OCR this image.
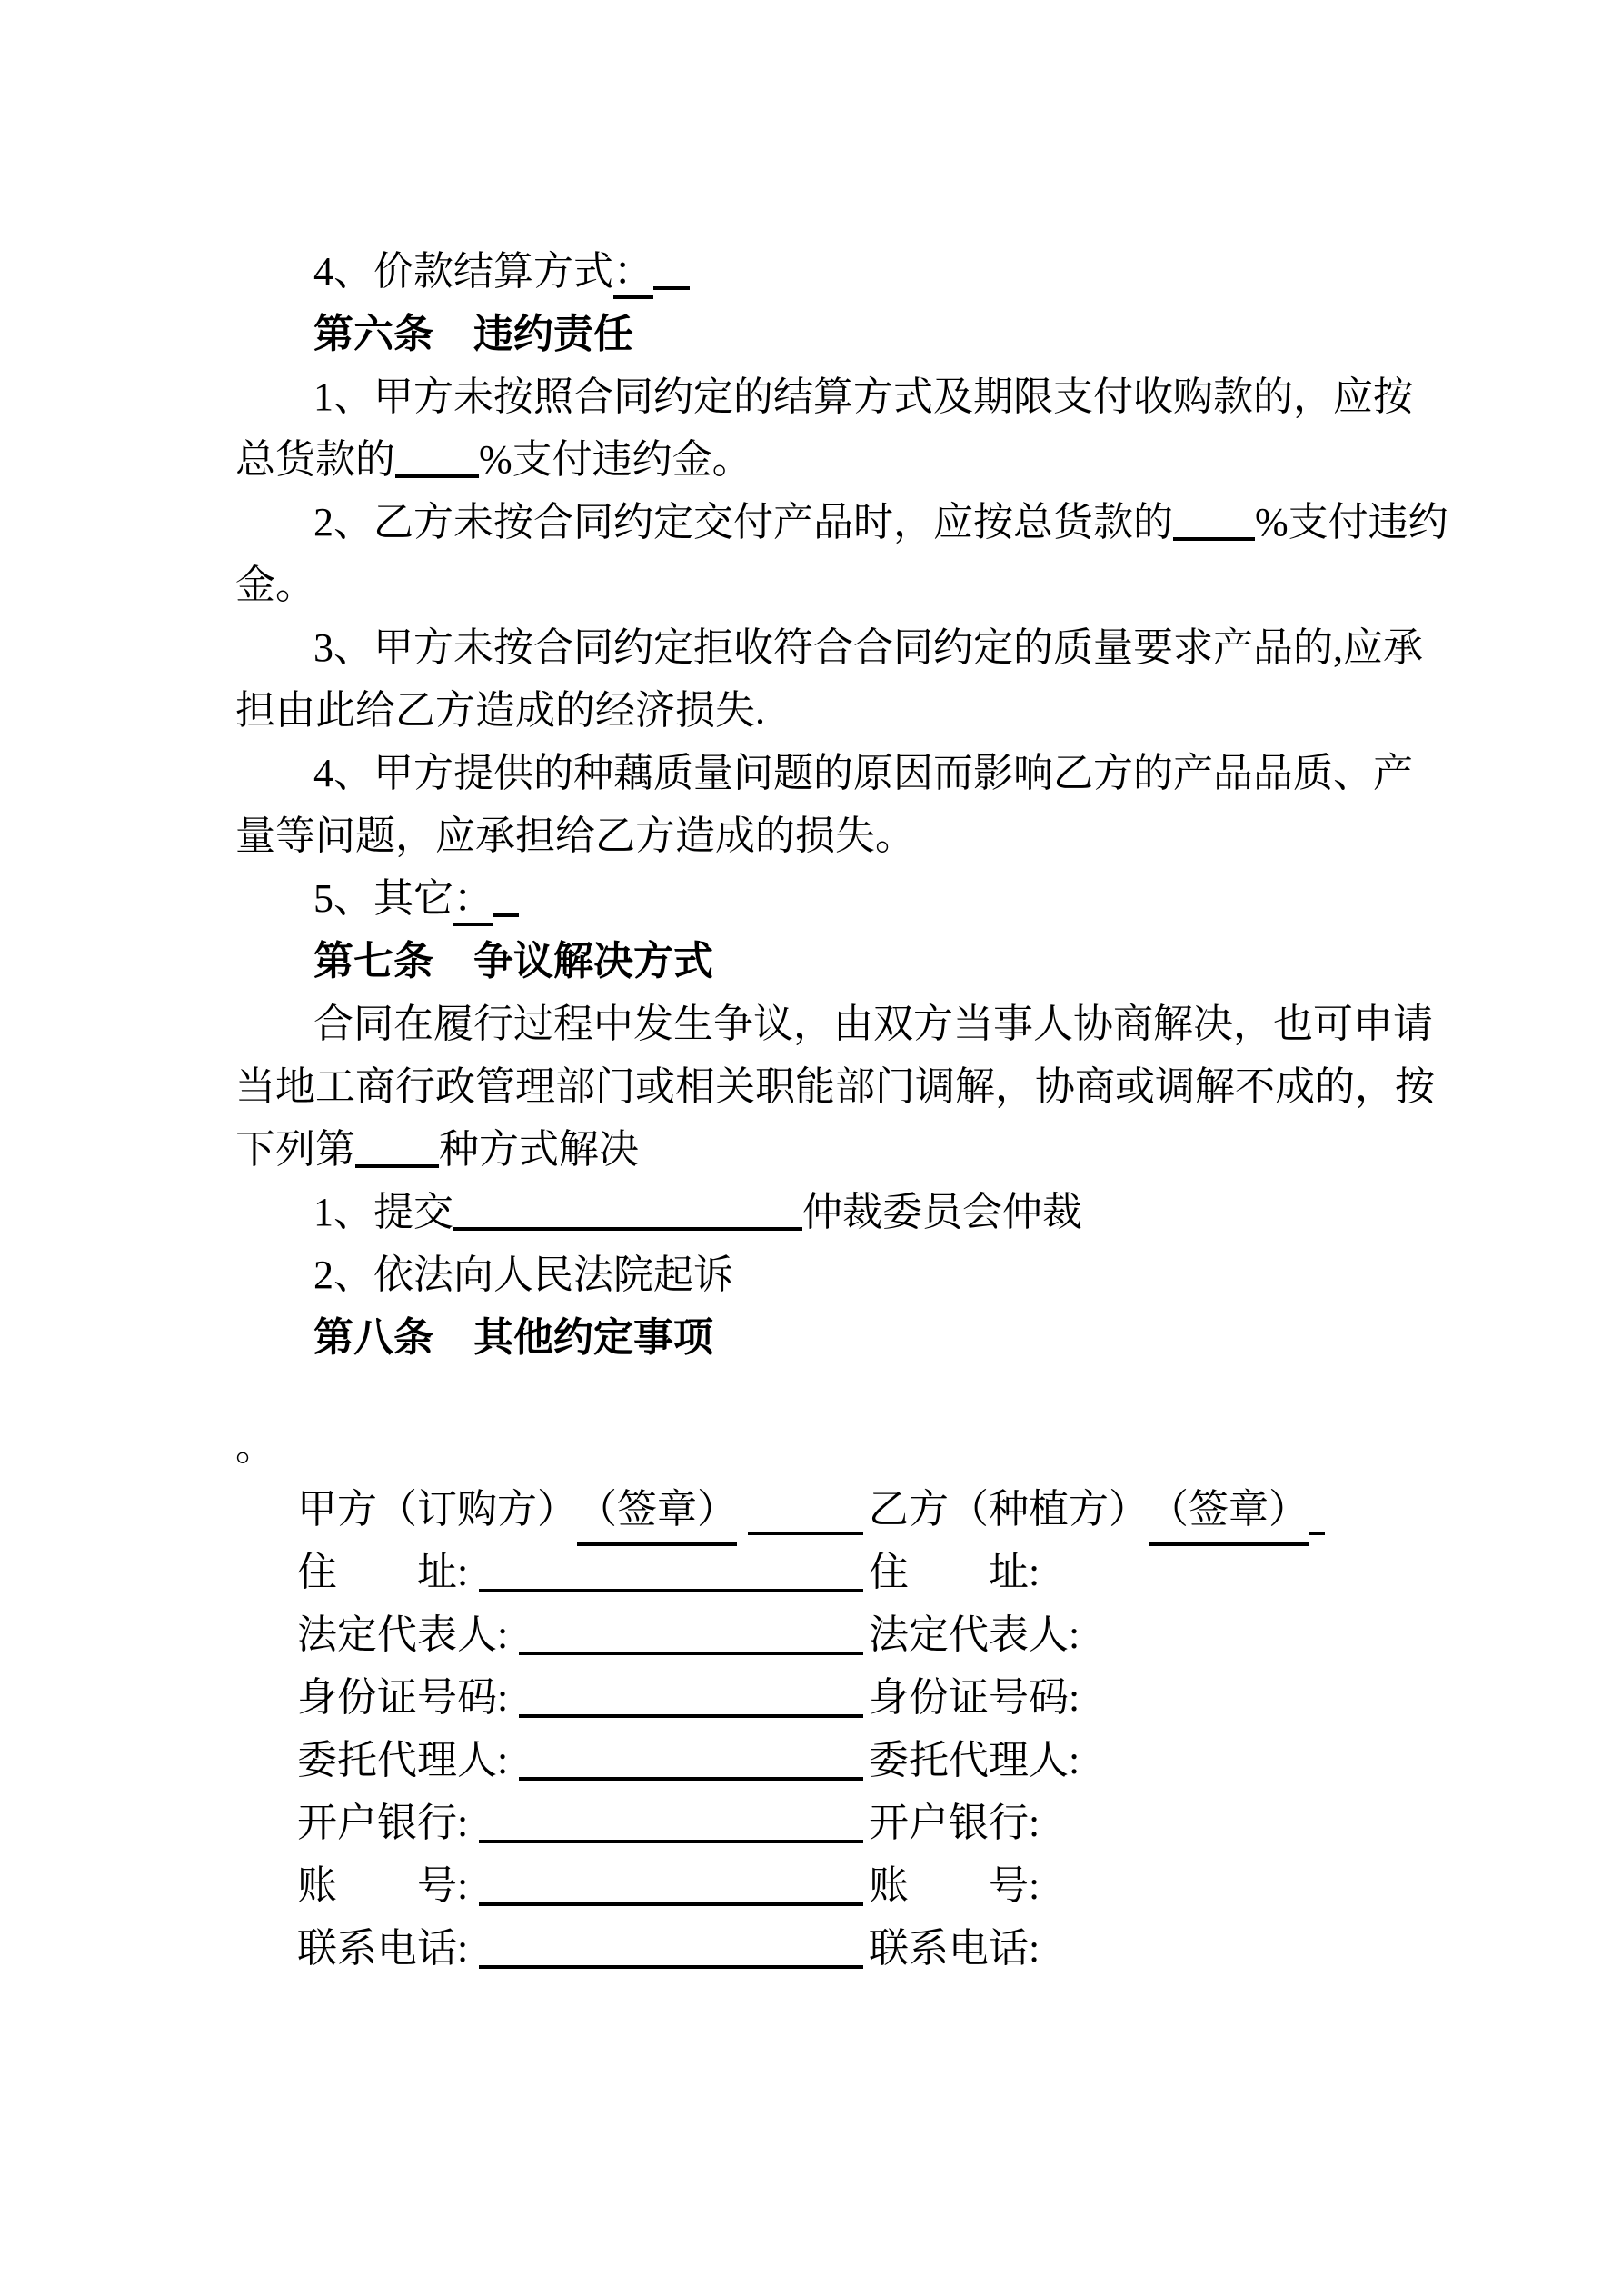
4、价款结算方式：
第六条　违约责任
1、甲方未按照合同约定的结算方式及期限支付收购款的，应按
总货款的 %支付违约金。
2、乙方未按合同约定交付产品时，应按总货款的 %支付违约
金。
3、甲方未按合同约定拒收符合合同约定的质量要求产品的,应承
担由此给乙方造成的经济损失.
4、甲方提供的种藕质量问题的原因而影响乙方的产品品质、产
量等问题，应承担给乙方造成的损失。
5、其它：
第七条　争议解决方式
合同在履行过程中发生争议，由双方当事人协商解决，也可申请
当地工商行政管理部门或相关职能部门调解，协商或调解不成的，按
下列第 种方式解决
1、提交	仲裁委员会仲裁
2、依法向人民法院起诉
第八条　其他约定事项
。
甲方（订购方） （签章）	乙方（种植方） （签章）
住　　址:	住　　址:
法定代表人:	法定代表人:
身份证号码:	身份证号码:
委托代理人:	委托代理人:
开户银行:	开户银行:
账　　号:	账　　号:
联系电话:	联系电话:
